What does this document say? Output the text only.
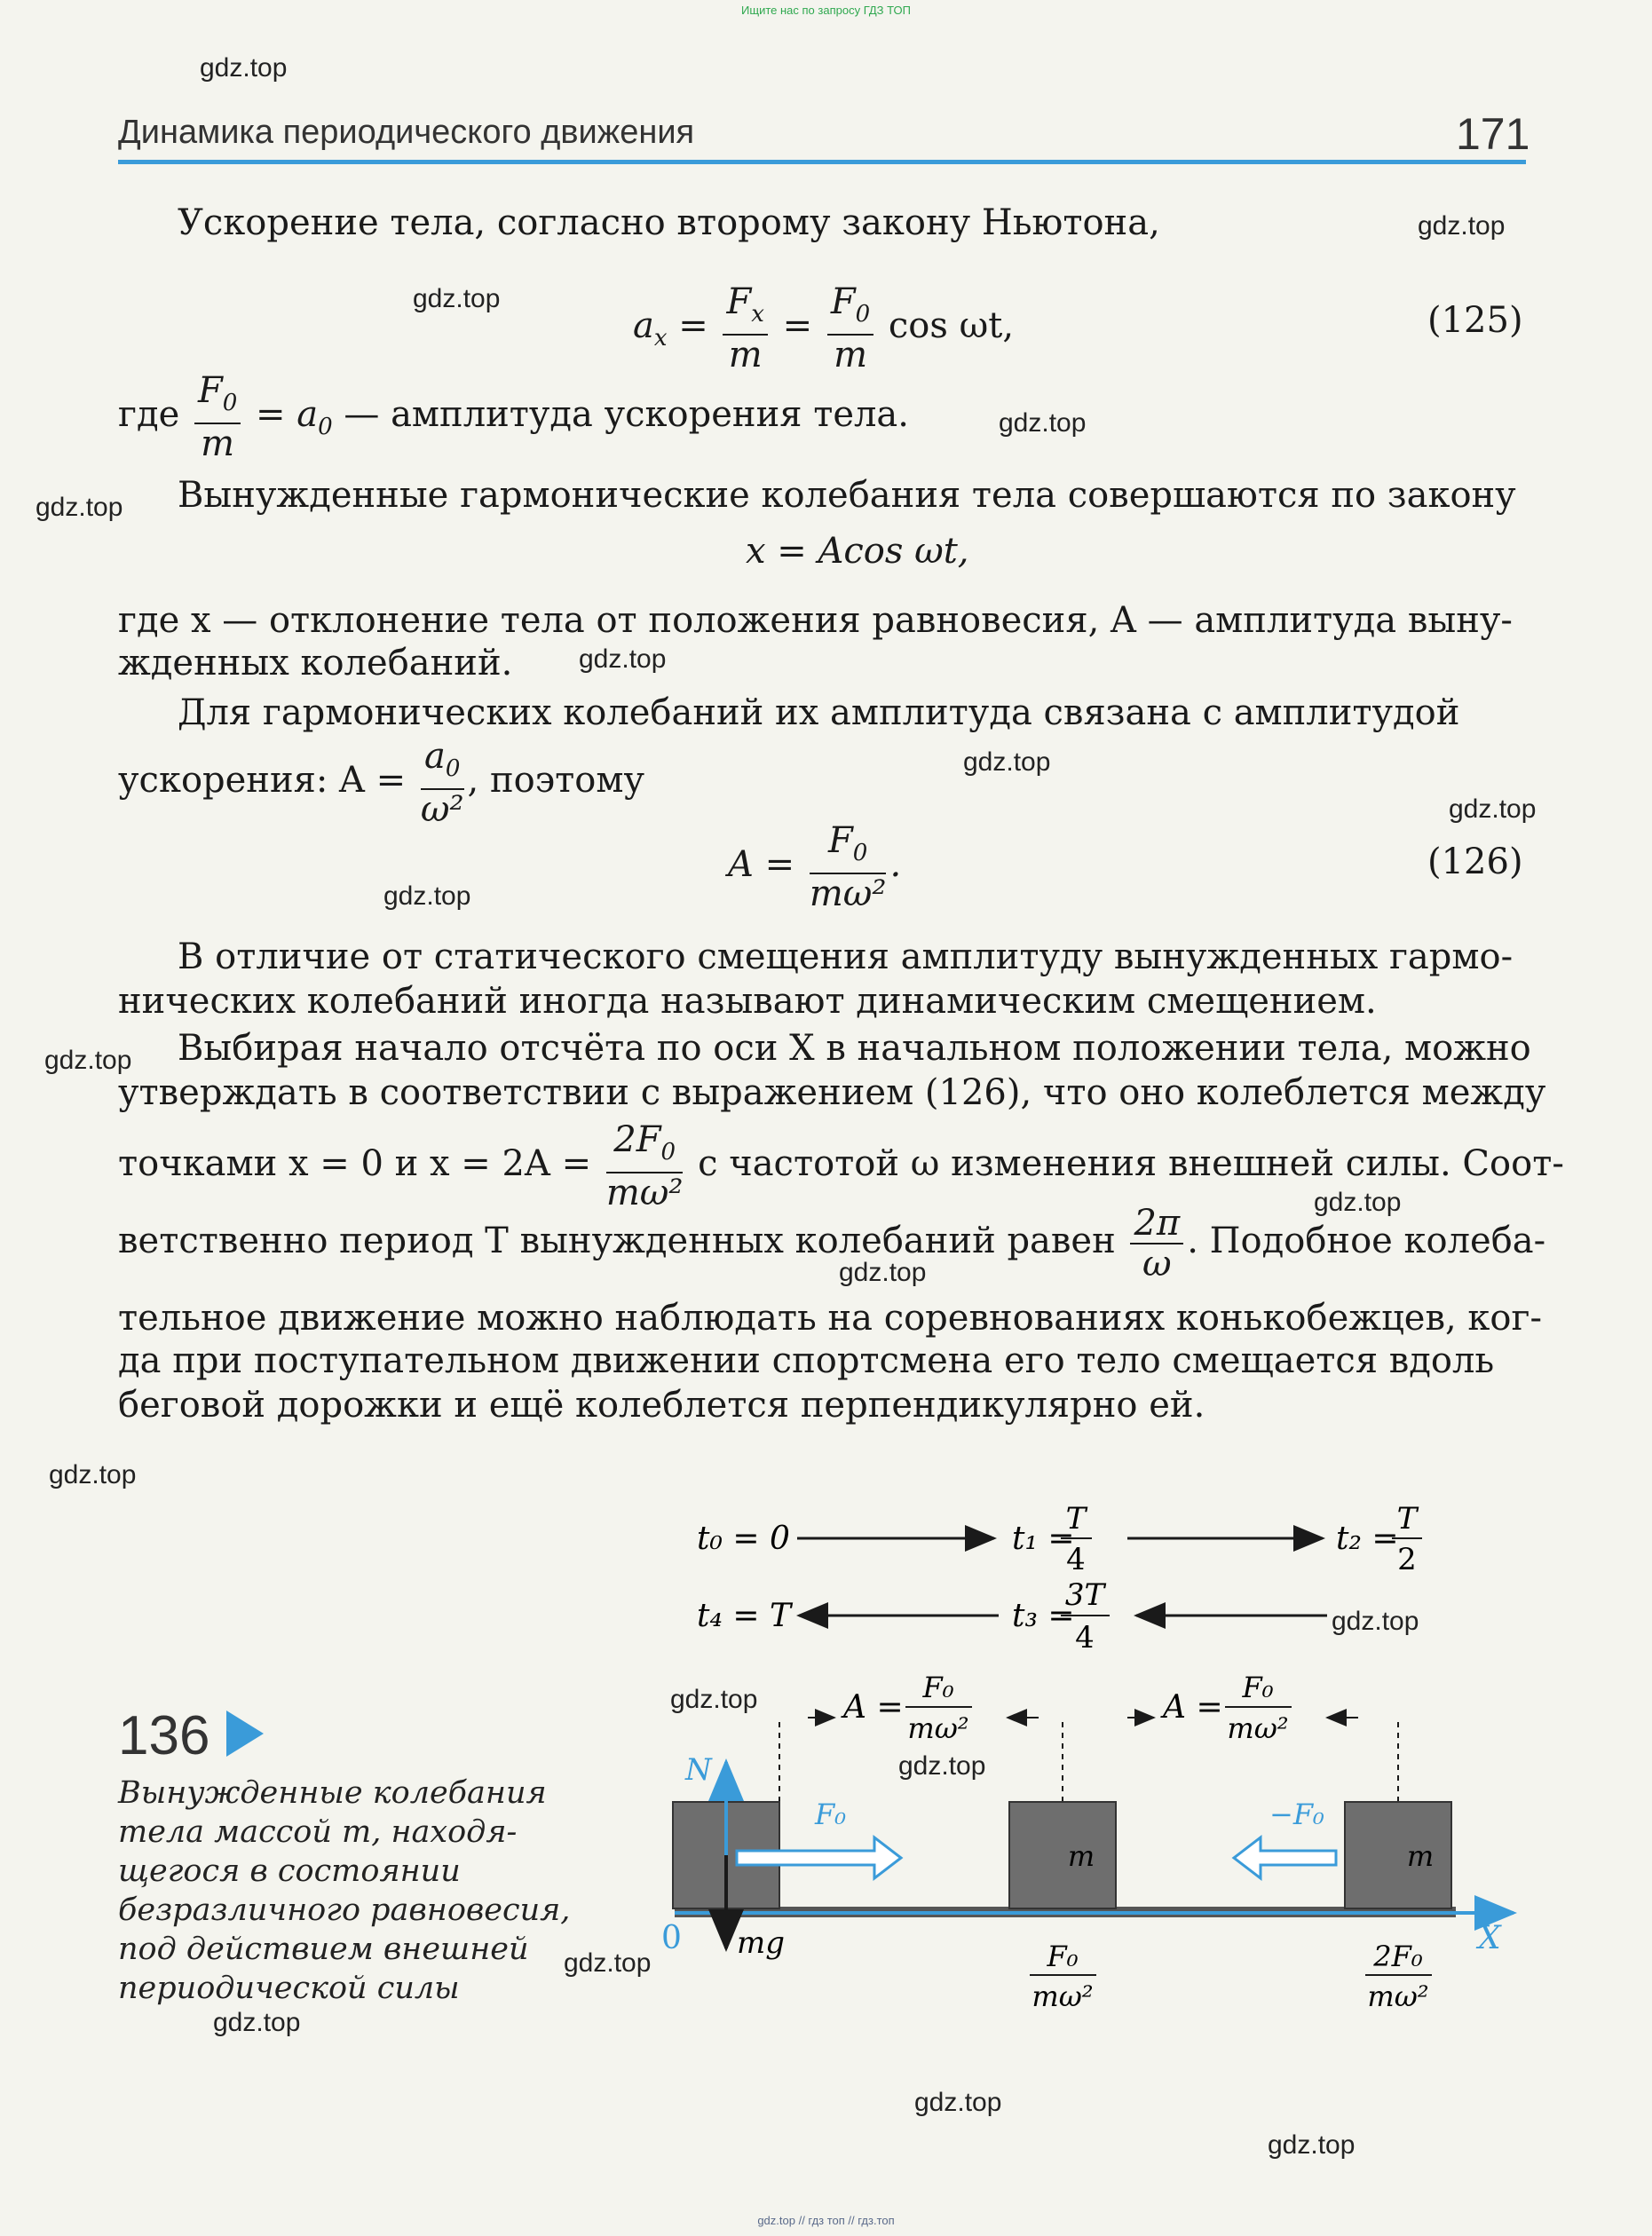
Ищите нас по запросу ГДЗ ТОП
gdz.top // гдз топ // гдз.топ
Динамика периодического движения	171
gdz.top
gdz.top
gdz.top
gdz.top
gdz.top
gdz.top
gdz.top
gdz.top
gdz.top
gdz.top
gdz.top
gdz.top
gdz.top
gdz.top
gdz.top
gdz.top
gdz.top
gdz.top
gdz.top
gdz.top
Ускорение тела, согласно второму закону Ньютона,
$a_x = \frac{F_x}{m} = \frac{F_0}{m}$ cos ωt,	(125)
где $\frac{F_0}{m} = a_0$ — амплитуда ускорения тела.
Вынужденные гармонические колебания тела совершаются по закону
x = Acos ωt,
где x — отклонение тела от положения равновесия, A — амплитуда выну-
жденных колебаний.
Для гармонических колебаний их амплитуда связана с амплитудой
ускорения: $A = \frac{a_0}{\text{ω²}}$ , поэтому
$A = \frac{F_0}{\text{mω²}}$ .	(126)
В отличие от статического смещения амплитуду вынужденных гармо-
нических колебаний иногда называют динамическим смещением.
Выбирая начало отсчёта по оси X в начальном положении тела, можно
утверждать в соответствии с выражением (126), что оно колеблется между
точками x = 0 и $x = 2A = \frac{2F_0}{\text{mω²}}$ с частотой ω изменения внешней силы. Соот-
ветственно период T вынужденных колебаний равен $\frac{2\pi}{\omega}$ . Подобное колеба-
тельное движение можно наблюдать на соревнованиях конькобежцев, ког-
да при поступательном движении спортсмена его тело смещается вдоль
беговой дорожки и ещё колеблется перпендикулярно ей.
136
Вынужденные колебания
тела массой m, находя-
щегося в состоянии
безразличного равновесия,
под действием внешней
периодической силы
t₀ = 0	t₁ =
T
4
t₂ =
T
2
t₄ = T	t₃ =
3T
4
A =
F₀
mω²
A =
F₀
mω²
0	X
m	m
N
mg
F₀	−F₀
F₀
mω²
2F₀
mω²
